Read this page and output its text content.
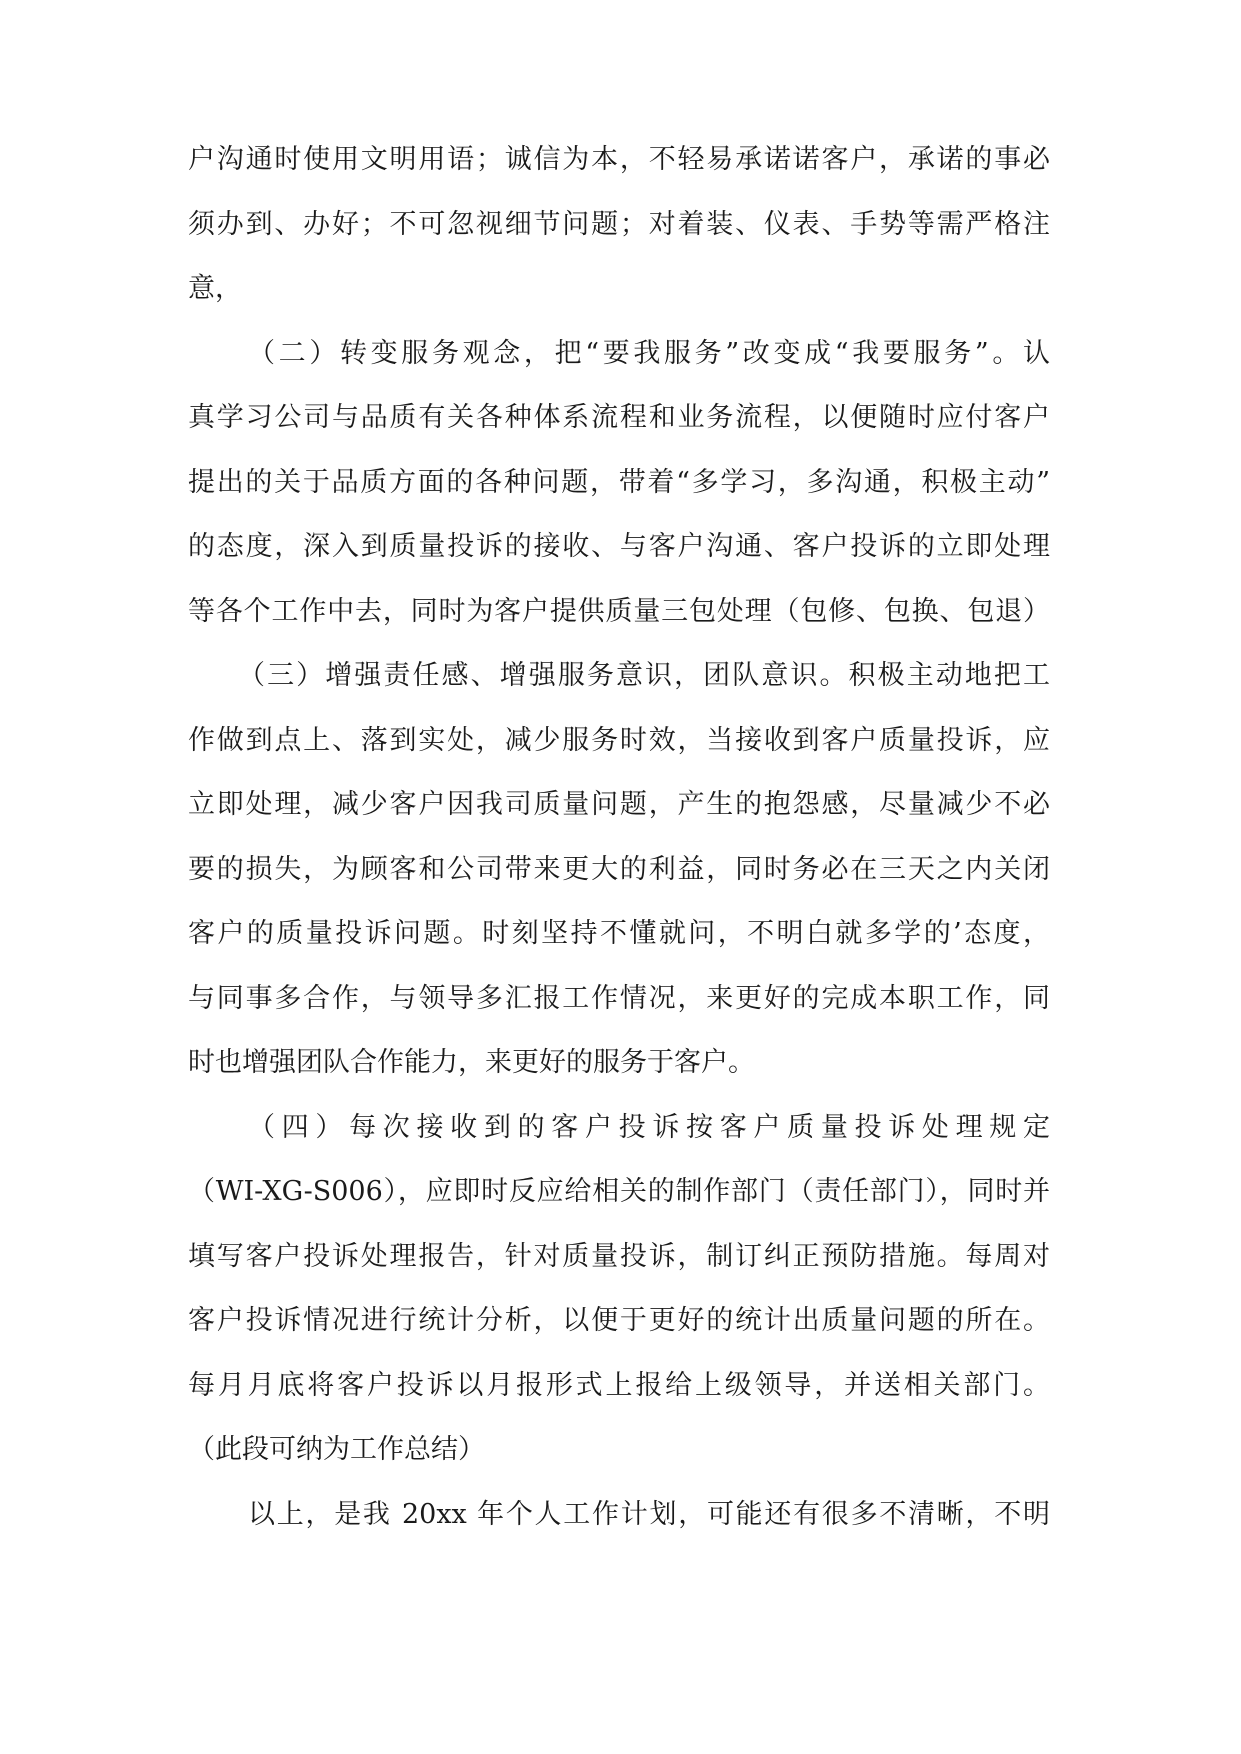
户沟通时使用文明用语；诚信为本，不轻易承诺诺客户，承诺的事必

须办到、办好；不可忽视细节问题；对着装、仪表、手势等需严格注

意，

（二）转变服务观念，把“要我服务”改变成“我要服务”。认

真学习公司与品质有关各种体系流程和业务流程，以便随时应付客户

提出的关于品质方面的各种问题，带着“多学习，多沟通，积极主动”

的态度，深入到质量投诉的接收、与客户沟通、客户投诉的立即处理

等各个工作中去，同时为客户提供质量三包处理（包修、包换、包退）

（三）增强责任感、增强服务意识，团队意识。积极主动地把工

作做到点上、落到实处，减少服务时效，当接收到客户质量投诉，应

立即处理，减少客户因我司质量问题，产生的抱怨感，尽量减少不必

要的损失，为顾客和公司带来更大的利益，同时务必在三天之内关闭

客户的质量投诉问题。时刻坚持不懂就问，不明白就多学的’态度，

与同事多合作，与领导多汇报工作情况，来更好的完成本职工作，同

时也增强团队合作能力，来更好的服务于客户。

（四）每次接收到的客户投诉按客户质量投诉处理规定

（WI-XG-S006），应即时反应给相关的制作部门（责任部门），同时并

填写客户投诉处理报告，针对质量投诉，制订纠正预防措施。每周对

客户投诉情况进行统计分析，以便于更好的统计出质量问题的所在。

每月月底将客户投诉以月报形式上报给上级领导，并送相关部门。

（此段可纳为工作总结）

以上，是我 20xx 年个人工作计划，可能还有很多不清晰，不明
